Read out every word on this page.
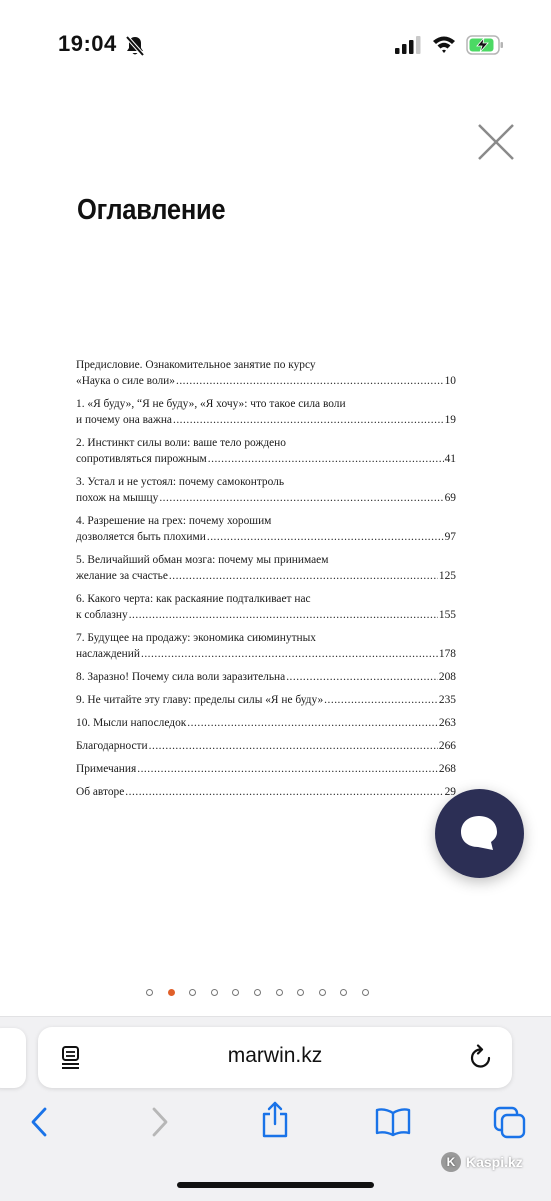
19:04
Оглавление
Предисловие. Ознакомительное занятие по курсу
«Наука о силе воли» .....	10
1. «Я буду», “Я не буду», «Я хочу»: что такое сила воли
и почему она важна .....	19
2. Инстинкт силы воли: ваше тело рождено
сопротивляться пирожным .....	41
3. Устал и не устоял: почему самоконтроль
похож на мышцу .....	69
4. Разрешение на грех: почему хорошим
дозволяется быть плохими .....	97
5. Величайший обман мозга: почему мы принимаем
желание за счастье .....	125
6. Какого черта: как раскаяние подталкивает нас
к соблазну .....	155
7. Будущее на продажу: экономика сиюминутных
наслаждений .....	178
8. Заразно! Почему сила воли заразительна .....	208
9. Не читайте эту главу: пределы силы «Я не буду» .....	235
10. Мысли напоследок .....	263
Благодарности .....	266
Примечания .....	268
Об авторе .....	29
marwin.kz
K Kaspi.kz
